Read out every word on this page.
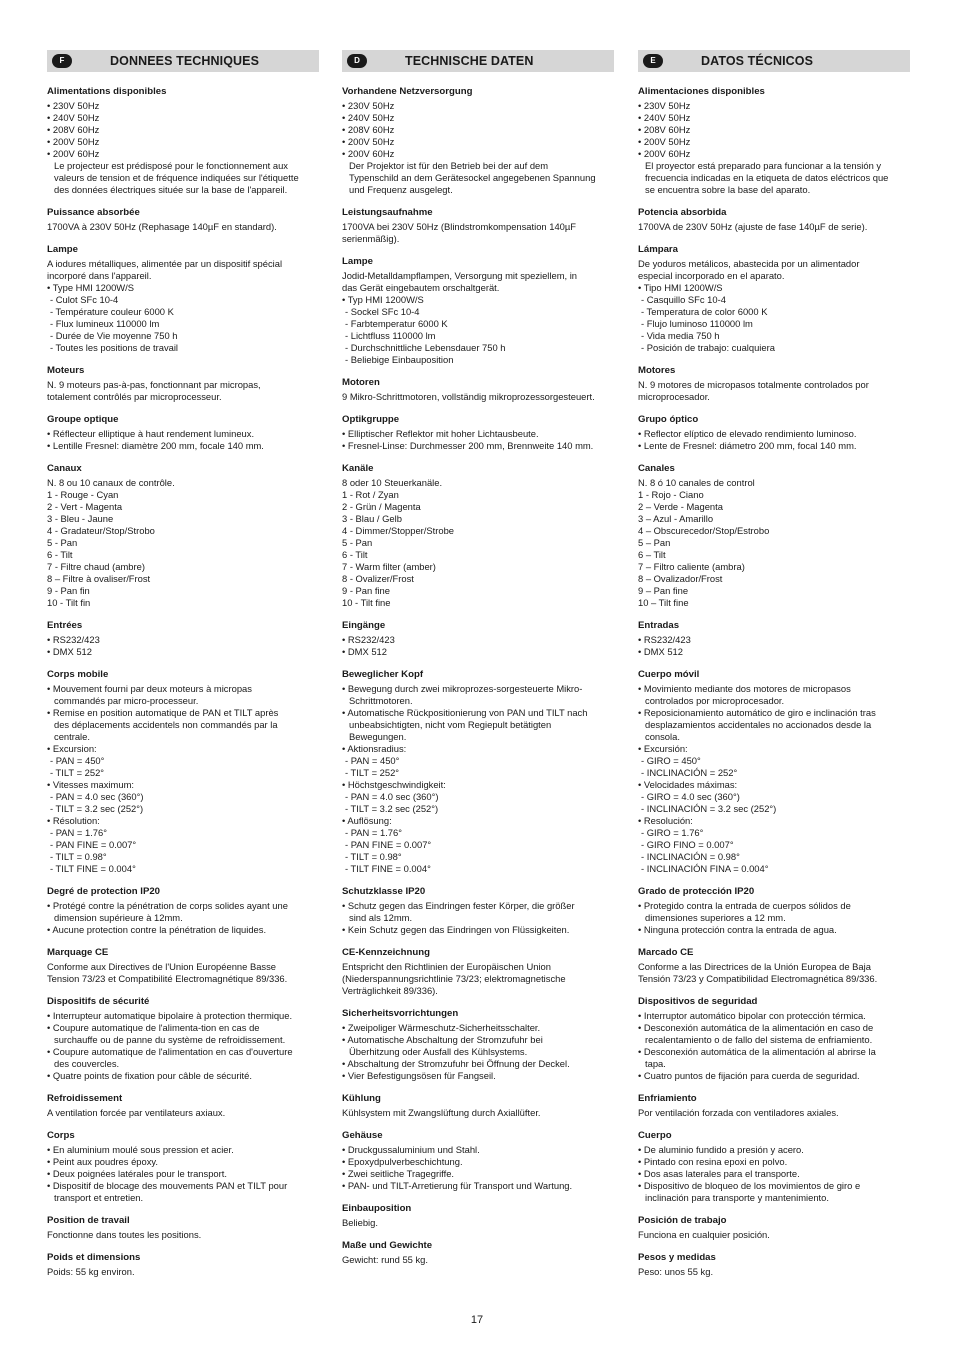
F	DONNEES TECHNIQUES
Alimentations disponibles
• 230V 50Hz
• 240V 50Hz
• 208V 60Hz
• 200V 50Hz
• 200V 60Hz
Le projecteur est prédisposé pour le fonctionnement aux
valeurs de tension et de fréquence indiquées sur l'étiquette
des données électriques située sur la base de l'appareil.
Puissance absorbée
1700VA à 230V 50Hz (Rephasage 140µF en standard).
Lampe
A iodures métalliques, alimentée par un dispositif spécial
incorporé dans l'appareil.
• Type HMI 1200W/S
- Culot SFc 10-4
- Température couleur 6000 K
- Flux lumineux 110000 lm
- Durée de Vie moyenne 750 h
- Toutes les positions de travail
Moteurs
N. 9 moteurs pas-à-pas, fonctionnant par micropas,
totalement contrôlés par microprocesseur.
Groupe optique
• Réflecteur elliptique à haut rendement lumineux.
• Lentille Fresnel: diamètre 200 mm, focale 140 mm.
Canaux
N. 8 ou 10 canaux de contrôle.
1 - Rouge - Cyan
2 - Vert - Magenta
3 - Bleu - Jaune
4 - Gradateur/Stop/Strobo
5 - Pan
6 - Tilt
7 - Filtre chaud (ambre)
8 – Filtre à ovaliser/Frost
9 - Pan fin
10 - Tilt fin
Entrées
• RS232/423
• DMX 512
Corps mobile
• Mouvement fourni par deux moteurs à micropas
commandés par micro-processeur.
• Remise en position automatique de PAN et TILT après
des déplacements accidentels non commandés par la
centrale.
• Excursion:
- PAN = 450°
- TILT = 252°
• Vitesses maximum:
- PAN = 4.0 sec (360°)
- TILT = 3.2 sec (252°)
• Résolution:
- PAN = 1.76°
- PAN FINE = 0.007°
- TILT = 0.98°
- TILT FINE = 0.004°
Degré de protection IP20
• Protégé contre la pénétration de corps solides ayant une
dimension supérieure à 12mm.
• Aucune protection contre la pénétration de liquides.
Marquage CE
Conforme aux Directives de l'Union Européenne Basse
Tension 73/23 et Compatibilité Electromagnétique 89/336.
Dispositifs de sécurité
• Interrupteur automatique bipolaire à protection thermique.
• Coupure automatique de l'alimenta-tion en cas de
surchauffe ou de panne du système de refroidissement.
• Coupure automatique de l'alimentation en cas d'ouverture
des couvercles.
• Quatre points de fixation pour câble de sécurité.
Refroidissement
A ventilation forcée par ventilateurs axiaux.
Corps
• En aluminium moulé sous pression et acier.
• Peint aux poudres époxy.
• Deux poignées latérales pour le transport.
• Dispositif de blocage des mouvements PAN et TILT pour
transport et entretien.
Position de travail
Fonctionne dans toutes les positions.
Poids et dimensions
Poids: 55 kg environ.
D	TECHNISCHE DATEN
Vorhandene Netzversorgung
• 230V 50Hz
• 240V 50Hz
• 208V 60Hz
• 200V 50Hz
• 200V 60Hz
Der Projektor ist für den Betrieb bei der auf dem
Typenschild an dem Gerätesockel angegebenen Spannung
und Frequenz ausgelegt.
Leistungsaufnahme
1700VA bei 230V 50Hz (Blindstromkompensation 140µF
serienmäßig).
Lampe
Jodid-Metalldampflampen, Versorgung mit speziellem, in
das Gerät eingebautem orschaltgerät.
• Typ HMI 1200W/S
- Sockel SFc 10-4
- Farbtemperatur 6000 K
- Lichtfluss 110000 lm
- Durchschnittliche Lebensdauer 750 h
- Beliebige Einbauposition
Motoren
9 Mikro-Schrittmotoren, vollständig mikroprozessorgesteuert.
Optikgruppe
• Elliptischer Reflektor mit hoher Lichtausbeute.
• Fresnel-Linse: Durchmesser 200 mm, Brennweite 140 mm.
Kanäle
8 oder 10 Steuerkanäle.
1 - Rot / Zyan
2 - Grün / Magenta
3 - Blau / Gelb
4 - Dimmer/Stopper/Strobe
5 - Pan
6 - Tilt
7 - Warm filter (amber)
8 - Ovalizer/Frost
9 - Pan fine
10 - Tilt fine
Eingänge
• RS232/423
• DMX 512
Beweglicher Kopf
• Bewegung durch zwei mikroprozes-sorgesteuerte Mikro-
Schrittmotoren.
• Automatische Rückpositionierung von PAN und TILT nach
unbeabsichtigten, nicht vom Regiepult betätigten
Bewegungen.
• Aktionsradius:
- PAN = 450°
- TILT = 252°
• Höchstgeschwindigkeit:
- PAN = 4.0 sec (360°)
- TILT = 3.2 sec (252°)
• Auflösung:
- PAN = 1.76°
- PAN FINE = 0.007°
- TILT = 0.98°
- TILT FINE = 0.004°
Schutzklasse IP20
• Schutz gegen das Eindringen fester Körper, die größer
sind als 12mm.
• Kein Schutz gegen das Eindringen von Flüssigkeiten.
CE-Kennzeichnung
Entspricht den Richtlinien der Europäischen Union
(Niederspannungsrichtlinie 73/23; elektromagnetische
Verträglichkeit 89/336).
Sicherheitsvorrichtungen
• Zweipoliger Wärmeschutz-Sicherheitsschalter.
• Automatische Abschaltung der Stromzufuhr bei
Überhitzung oder Ausfall des Kühlsystems.
• Abschaltung der Stromzufuhr bei Öffnung der Deckel.
• Vier Befestigungsösen für Fangseil.
Kühlung
Kühlsystem mit Zwangslüftung durch Axiallüfter.
Gehäuse
• Druckgussaluminium und Stahl.
• Epoxydpulverbeschichtung.
• Zwei seitliche Tragegriffe.
• PAN- und TILT-Arretierung für Transport und Wartung.
Einbauposition
Beliebig.
Maße und Gewichte
Gewicht: rund 55 kg.
E	DATOS TÉCNICOS
Alimentaciones disponibles
• 230V 50Hz
• 240V 50Hz
• 208V 60Hz
• 200V 50Hz
• 200V 60Hz
El proyector está preparado para funcionar a la tensión y
frecuencia indicadas en la etiqueta de datos eléctricos que
se encuentra sobre la base del aparato.
Potencia absorbida
1700VA de 230V 50Hz (ajuste de fase 140µF de serie).
Lámpara
De yoduros metálicos, abastecida por un alimentador
especial incorporado en el aparato.
• Tipo HMI 1200W/S
- Casquillo SFc 10-4
- Temperatura de color 6000 K
- Flujo luminoso 110000 lm
- Vida media 750 h
- Posición de trabajo: cualquiera
Motores
N. 9 motores de micropasos totalmente controlados por
microprocesador.
Grupo óptico
• Reflector elíptico de elevado rendimiento luminoso.
• Lente de Fresnel: diámetro 200 mm, focal 140 mm.
Canales
N. 8 ó 10 canales de control
1 - Rojo - Ciano
2 – Verde - Magenta
3 – Azul - Amarillo
4 – Obscurecedor/Stop/Estrobo
5 – Pan
6 – Tilt
7 – Filtro caliente (ambra)
8 – Ovalizador/Frost
9 – Pan fine
10 – Tilt fine
Entradas
• RS232/423
• DMX 512
Cuerpo móvil
• Movimiento mediante dos motores de micropasos
controlados por microprocesador.
• Reposicionamiento automático de giro e inclinación tras
desplazamientos accidentales no accionados desde la
consola.
• Excursión:
- GIRO = 450°
- INCLINACIÓN = 252°
• Velocidades máximas:
- GIRO = 4.0 sec (360°)
- INCLINACIÓN = 3.2 sec (252°)
• Resolución:
- GIRO = 1.76°
- GIRO FINO = 0.007°
- INCLINACIÓN = 0.98°
- INCLINACIÓN FINA = 0.004°
Grado de protección IP20
• Protegido contra la entrada de cuerpos sólidos de
dimensiones superiores a 12 mm.
• Ninguna protección contra la entrada de agua.
Marcado CE
Conforme a las Directrices de la Unión Europea de Baja
Tensión 73/23 y Compatibilidad Electromagnética 89/336.
Dispositivos de seguridad
• Interruptor automático bipolar con protección térmica.
• Desconexión automática de la alimentación en caso de
recalentamiento o de fallo del sistema de enfriamiento.
• Desconexión automática de la alimentación al abrirse la
tapa.
• Cuatro puntos de fijación para cuerda de seguridad.
Enfriamiento
Por ventilación forzada con ventiladores axiales.
Cuerpo
• De aluminio fundido a presión y acero.
• Pintado con resina epoxi en polvo.
• Dos asas laterales para el transporte.
• Dispositivo de bloqueo de los movimientos de giro e
inclinación para transporte y mantenimiento.
Posición de trabajo
Funciona en cualquier posición.
Pesos y medidas
Peso: unos 55 kg.
17
